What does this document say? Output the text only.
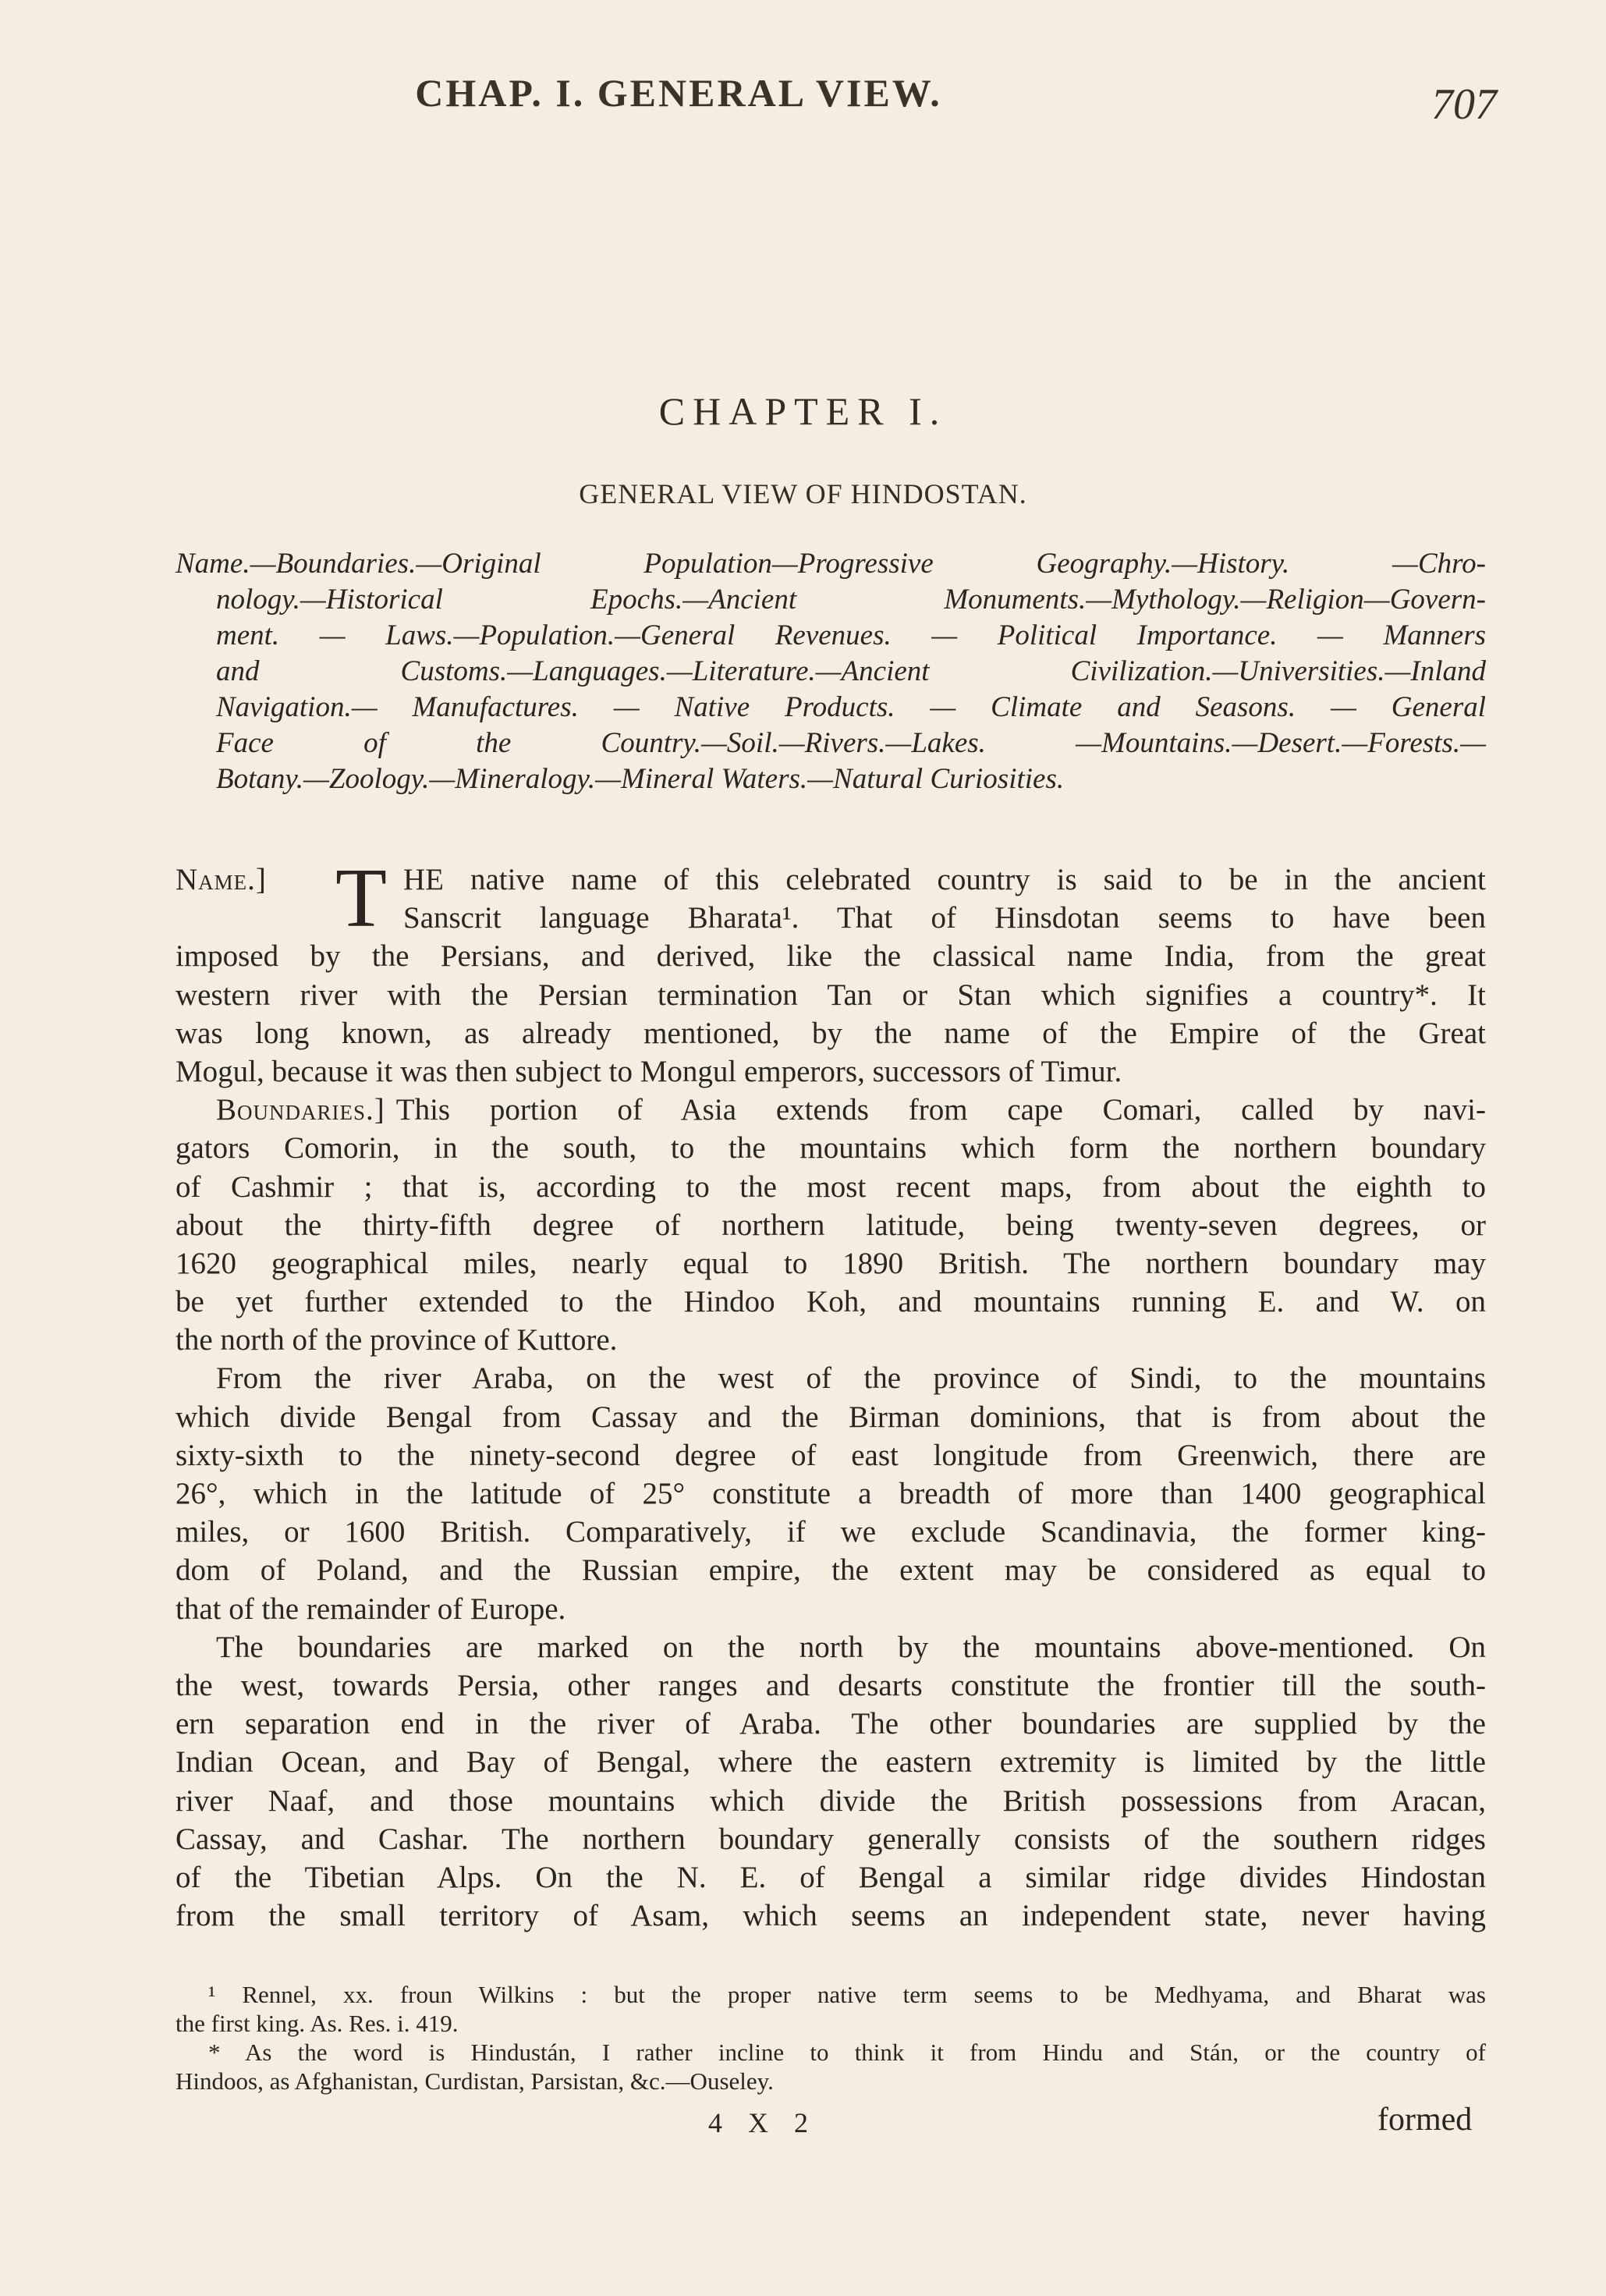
CHAP. I. GENERAL VIEW.	707

CHAPTER I.
GENERAL VIEW OF HINDOSTAN.
Name.—Boundaries.—Original Population—Progressive Geography.—History. —Chro-
nology.—Historical Epochs.—Ancient Monuments.—Mythology.—Religion—Govern-
ment. — Laws.—Population.—General Revenues. — Political Importance. — Manners
and Customs.—Languages.—Literature.—Ancient Civilization.—Universities.—Inland
Navigation.— Manufactures. — Native Products. — Climate and Seasons. — General
Face of the Country.—Soil.—Rivers.—Lakes. —Mountains.—Desert.—Forests.—
Botany.—Zoology.—Mineralogy.—Mineral Waters.—Natural Curiosities.
T
Name.]	HE native name of this celebrated country is said to be in the ancient
Sanscrit language Bharata¹. That of Hinsdotan seems to have been
imposed by the Persians, and derived, like the classical name India, from the great
western river with the Persian termination Tan or Stan which signifies a country*. It
was long known, as already mentioned, by the name of the Empire of the Great
Mogul, because it was then subject to Mongul emperors, successors of Timur.
Boundaries.] This portion of Asia extends from cape Comari, called by navi-
gators Comorin, in the south, to the mountains which form the northern boundary
of Cashmir ; that is, according to the most recent maps, from about the eighth to
about the thirty-fifth degree of northern latitude, being twenty-seven degrees, or
1620 geographical miles, nearly equal to 1890 British. The northern boundary may
be yet further extended to the Hindoo Koh, and mountains running E. and W. on
the north of the province of Kuttore.
From the river Araba, on the west of the province of Sindi, to the mountains
which divide Bengal from Cassay and the Birman dominions, that is from about the
sixty-sixth to the ninety-second degree of east longitude from Greenwich, there are
26°, which in the latitude of 25° constitute a breadth of more than 1400 geographical
miles, or 1600 British. Comparatively, if we exclude Scandinavia, the former king-
dom of Poland, and the Russian empire, the extent may be considered as equal to
that of the remainder of Europe.
The boundaries are marked on the north by the mountains above-mentioned. On
the west, towards Persia, other ranges and desarts constitute the frontier till the south-
ern separation end in the river of Araba. The other boundaries are supplied by the
Indian Ocean, and Bay of Bengal, where the eastern extremity is limited by the little
river Naaf, and those mountains which divide the British possessions from Aracan,
Cassay, and Cashar. The northern boundary generally consists of the southern ridges
of the Tibetian Alps. On the N. E. of Bengal a similar ridge divides Hindostan
from the small territory of Asam, which seems an independent state, never having
¹ Rennel, xx. froun Wilkins : but the proper native term seems to be Medhyama, and Bharat was
the first king. As. Res. i. 419.
* As the word is Hindustán, I rather incline to think it from Hindu and Stán, or the country of
Hindoos, as Afghanistan, Curdistan, Parsistan, &c.—Ouseley.
4 X 2	formed
